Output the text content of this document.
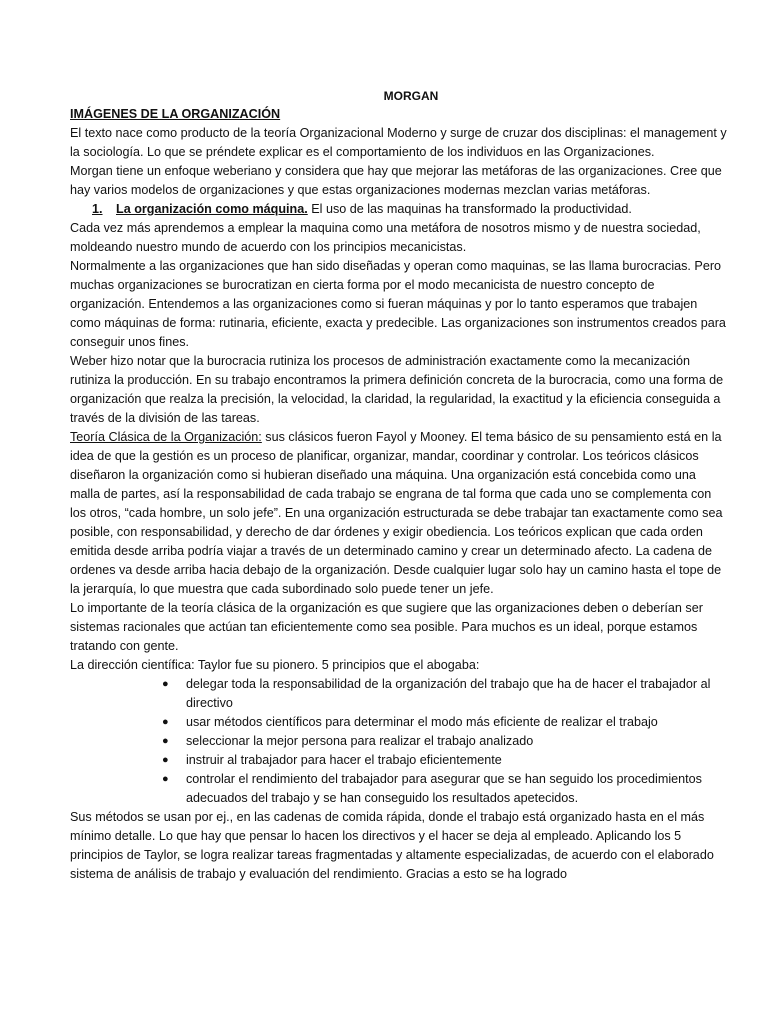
MORGAN

IMÁGENES DE LA ORGANIZACIÓN

El texto nace como producto de la teoría Organizacional Moderno y surge de cruzar dos disciplinas: el management y la sociología. Lo que se préndete explicar es el comportamiento de los individuos en las Organizaciones.

Morgan tiene un enfoque weberiano y considera que hay que mejorar las metáforas de las organizaciones. Cree que hay varios modelos de organizaciones y que estas organizaciones modernas mezclan varias metáforas.

1. La organización como máquina. El uso de las maquinas ha transformado la productividad.

Cada vez más aprendemos a emplear la maquina como una metáfora de nosotros mismo y de nuestra sociedad, moldeando nuestro mundo de acuerdo con los principios mecanicistas.

Normalmente a las organizaciones que han sido diseñadas y operan como maquinas, se las llama burocracias. Pero muchas organizaciones se burocratizan en cierta forma por el modo mecanicista de nuestro concepto de organización. Entendemos a las organizaciones como si fueran máquinas y por lo tanto esperamos que trabajen como máquinas de forma: rutinaria, eficiente, exacta y predecible. Las organizaciones son instrumentos creados para conseguir unos fines.

Weber hizo notar que la burocracia rutiniza los procesos de administración exactamente como la mecanización rutiniza la producción. En su trabajo encontramos la primera definición concreta de la burocracia, como una forma de organización que realza la precisión, la velocidad, la claridad, la regularidad, la exactitud y la eficiencia conseguida a través de la división de las tareas.

Teoría Clásica de la Organización: sus clásicos fueron Fayol y Mooney. El tema básico de su pensamiento está en la idea de que la gestión es un proceso de planificar, organizar, mandar, coordinar y controlar. Los teóricos clásicos diseñaron la organización como si hubieran diseñado una máquina. Una organización está concebida como una malla de partes, así la responsabilidad de cada trabajo se engrana de tal forma que cada uno se complementa con los otros, “cada hombre, un solo jefe”. En una organización estructurada se debe trabajar tan exactamente como sea posible, con responsabilidad, y derecho de dar órdenes y exigir obediencia. Los teóricos explican que cada orden emitida desde arriba podría viajar a través de un determinado camino y crear un determinado afecto. La cadena de ordenes va desde arriba hacia debajo de la organización. Desde cualquier lugar solo hay un camino hasta el tope de la jerarquía, lo que muestra que cada subordinado solo puede tener un jefe.

Lo importante de la teoría clásica de la organización es que sugiere que las organizaciones deben o deberían ser sistemas racionales que actúan tan eficientemente como sea posible. Para muchos es un ideal, porque estamos tratando con gente.

La dirección científica: Taylor fue su pionero. 5 principios que el abogaba:

● delegar toda la responsabilidad de la organización del trabajo que ha de hacer el trabajador al directivo
● usar métodos científicos para determinar el modo más eficiente de realizar el trabajo
● seleccionar la mejor persona para realizar el trabajo analizado
● instruir al trabajador para hacer el trabajo eficientemente
● controlar el rendimiento del trabajador para asegurar que se han seguido los procedimientos adecuados del trabajo y se han conseguido los resultados apetecidos.

Sus métodos se usan por ej., en las cadenas de comida rápida, donde el trabajo está organizado hasta en el más mínimo detalle. Lo que hay que pensar lo hacen los directivos y el hacer se deja al empleado. Aplicando los 5 principios de Taylor, se logra realizar tareas fragmentadas y altamente especializadas, de acuerdo con el elaborado sistema de análisis de trabajo y evaluación del rendimiento. Gracias a esto se ha logrado
